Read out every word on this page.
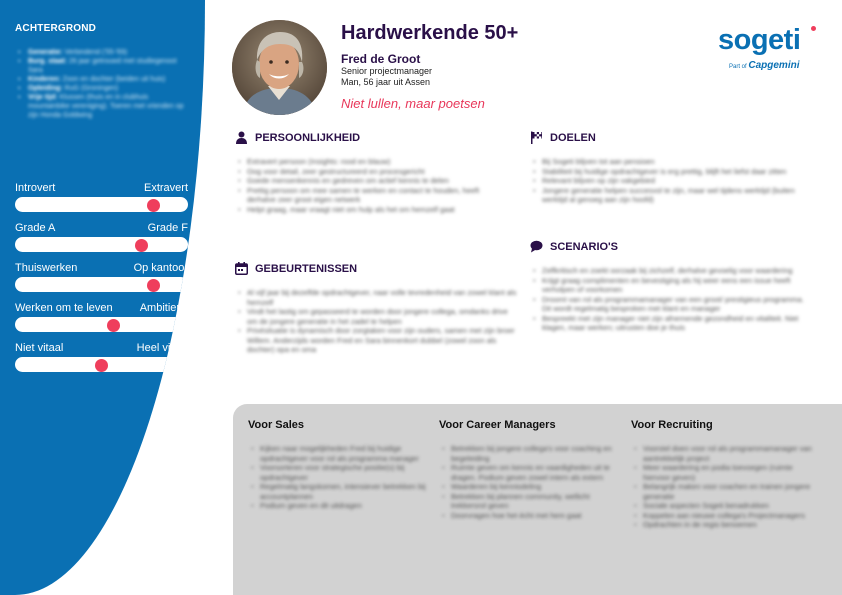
ACHTERGROND
▪ Generatie: Verbindend ('55-'69)
▪ Burg. staat: 26 jaar getrouwd met studiegenoot Sara
▪ Kinderen: Zoon en dochter (beiden uit huis)
▪ Opleiding: RuG (Groningen)
▪ Vrije tijd: Klussen (thuis en in clubhuis mountainbike vereniging). Toeren met vrienden op zijn Honda Goldwing
Introvert	Extravert
Grade A	Grade F
Thuiswerken	Op kantoor
Werken om te leven Ambitieus
Niet vitaal	Heel vitaal
Hardwerkende 50+
Fred de Groot
Senior projectmanager
Man, 56 jaar uit Assen
Niet lullen, maar poetsen
sogeti
Part of Capgemini
PERSOONLIJKHEID
• Extravert persoon (Insights: rood en blauw)
• Oog voor detail, zeer gestructureerd en procesgericht
• Goede mensenkennis en gedreven om actief kennis te delen
• Prettig persoon om mee samen te werken en contact te houden, heeft derhalve zeer groot eigen netwerk
• Helpt graag, maar vraagt niet om hulp als het om hemzelf gaat
GEBEURTENISSEN
• Al vijf jaar bij dezelfde opdrachtgever, naar volle tevredenheid van zowel klant als hemzelf
• Vindt het lastig om gepasseerd te worden door jongere collega, omdanks drive om de jongere generatie in het zadel te helpen
• Privésituatie is dynamisch door zorgtaken voor zijn ouders, samen met zijn broer Willem. Anderzijds worden Fred en Sara binnenkort dubbel (zowel zoon als dochter) opa en oma
DOELEN
• Bij Sogeti blijven tot aan pensioen
• Stabiliteit bij huidige opdrachtgever is erg prettig, blijft het liefst daar zitten
• Relevant blijven op zijn vakgebied
• Jongere generatie helpen succesvol te zijn, maar wel tijdens werktijd (buiten werktijd al genoeg aan zijn hoofd)
SCENARIO'S
• Zelfkritisch en zoekt oorzaak bij zichzelf, derhalve gevoelig voor waardering
• Krijgt graag complimenten en bevestiging als hij weer eens een issue heeft verholpen of voorkomen
• Droomt van rol als programmamanager van een groot/ prestigieus programma. Dit wordt regelmatig besproken met klant en manager
• Bespreekt met zijn manager niet zijn afnemende gezondheid en vitaliteit. Niet klagen, maar werken; uitrusten doe je thuis
Voor Sales
• Kijken naar mogelijkheden Fred bij huidige opdrachtgever voor rol als programma manager
• Voorsorteren voor strategische positie(s) bij opdrachtgever
• Regelmatig langskomen, intensiever betrekken bij accountplannen
• Podium geven en dit uitdragen
Voor Career Managers
• Betrekken bij jongere collega's voor coaching en begeleiding
• Ruimte geven om kennis en vaardigheden uit te dragen. Podium geven zowel intern als extern
• Waarderen bij kennisdeling
• Betrekken bij plannen community, wellicht trekkersrol geven
• Doorvragen hoe het écht met hem gaat
Voor Recruiting
• Voorstel doen voor rol als programmamanager van aantrekkelijk project
• Meer waardering en podia toevoegen (ruimte hiervoor geven)
• Belangrijk maken voor coachen en trainen jongere generatie
• Sociale aspecten Sogeti benadrukken
• Koppelen aan nieuwe collega's Projectmanagers
• Opdrachten in de regio benoemen
